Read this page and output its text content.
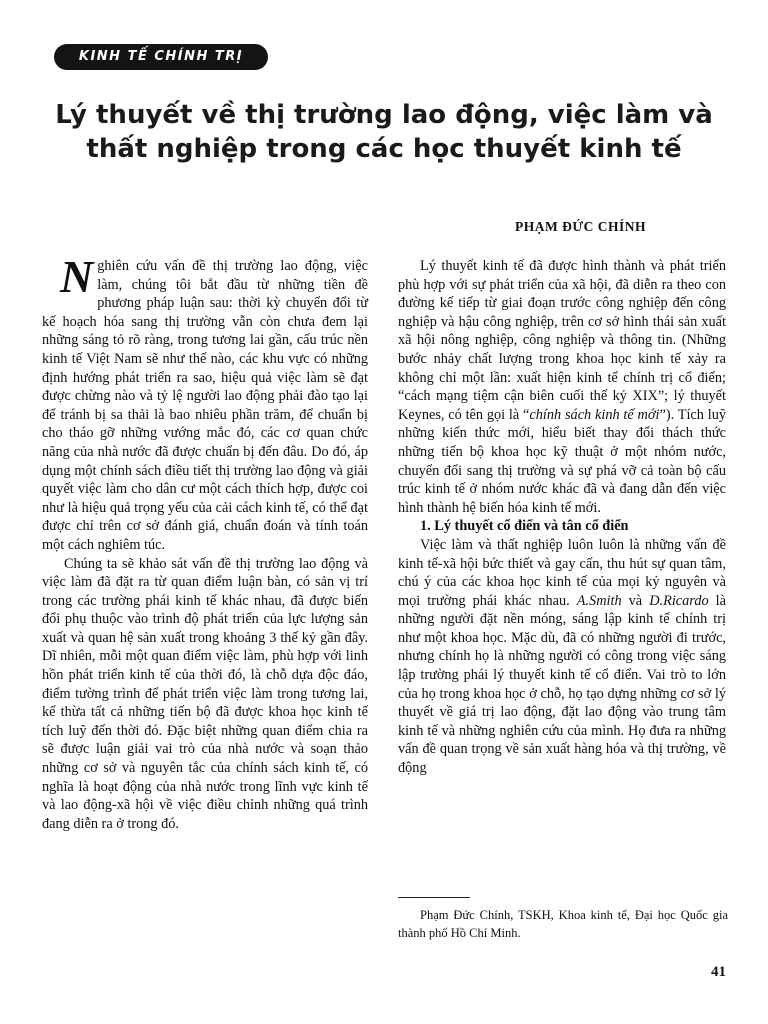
KINH TẾ CHÍNH TRỊ
Lý thuyết về thị trường lao động, việc làm và thất nghiệp trong các học thuyết kinh tế
PHẠM ĐỨC CHÍNH

Nghiên cứu vấn đề thị trường lao động, việc làm, chúng tôi bắt đầu từ những tiền đề phương pháp luận sau: thời kỳ chuyển đổi từ kế hoạch hóa sang thị trường vẫn còn chưa đem lại những sáng tỏ rõ ràng, trong tương lai gần, cấu trúc nền kinh tế Việt Nam sẽ như thế nào, các khu vực có những định hướng phát triển ra sao, hiệu quả việc làm sẽ đạt được chừng nào và tỷ lệ người lao động phải đào tạo lại để tránh bị sa thải là bao nhiêu phần trăm, để chuẩn bị cho tháo gỡ những vướng mắc đó, các cơ quan chức năng của nhà nước đã được chuẩn bị đến đâu. Do đó, áp dụng một chính sách điều tiết thị trường lao động và giải quyết việc làm cho dân cư một cách thích hợp, được coi như là hiệu quả trọng yếu của cải cách kinh tế, có thể đạt được chỉ trên cơ sở đánh giá, chuẩn đoán và tính toán một cách nghiêm túc.

Chúng ta sẽ khảo sát vấn đề thị trường lao động và việc làm đã đặt ra từ quan điểm luận bàn, có sản vị trí trong các trường phái kinh tế khác nhau, đã được biến đổi phụ thuộc vào trình độ phát triển của lực lượng sản xuất và quan hệ sản xuất trong khoảng 3 thế kỷ gần đây. Dĩ nhiên, mỗi một quan điểm việc làm, phù hợp với linh hồn phát triển kinh tế của thời đó, là chỗ dựa độc đáo, điểm tường trình để phát triển việc làm trong tương lai, kế thừa tất cả những tiến bộ đã được khoa học kinh tế tích luỹ đến thời đó. Đặc biệt những quan điểm chia ra sẽ được luận giải vai trò của nhà nước và soạn thảo những cơ sở và nguyên tắc của chính sách kinh tế, có nghĩa là hoạt động của nhà nước trong lĩnh vực kinh tế và lao động-xã hội về việc điều chỉnh những quá trình đang diễn ra ở trong đó.

Lý thuyết kinh tế đã được hình thành và phát triển phù hợp với sự phát triển của xã hội, đã diễn ra theo con đường kế tiếp từ giai đoạn trước công nghiệp đến công nghiệp và hậu công nghiệp, trên cơ sở hình thái sản xuất xã hội nông nghiệp, công nghiệp và thông tin. (Những bước nhảy chất lượng trong khoa học kinh tế xảy ra không chỉ một lần: xuất hiện kinh tế chính trị cổ điển; “cách mạng tiệm cận biên cuối thế kỷ XIX”; lý thuyết Keynes, có tên gọi là “chính sách kinh tế mới”). Tích luỹ những kiến thức mới, hiểu biết thay đổi thách thức những tiến bộ khoa học kỹ thuật ở một nhóm nước, chuyển đổi sang thị trường và sự phá vỡ cả toàn bộ cấu trúc kinh tế ở nhóm nước khác đã và đang dẫn đến việc hình thành hệ biến hóa kinh tế mới.

1. Lý thuyết cổ điển và tân cổ điển

Việc làm và thất nghiệp luôn luôn là những vấn đề kinh tế-xã hội bức thiết và gay cấn, thu hút sự quan tâm, chú ý của các khoa học kinh tế của mọi kỷ nguyên và mọi trường phái khác nhau. A.Smith và D.Ricardo là những người đặt nền móng, sáng lập kinh tế chính trị như một khoa học. Mặc dù, đã có những người đi trước, nhưng chính họ là những người có công trong việc sáng lập trường phái lý thuyết kinh tế cổ điển. Vai trò to lớn của họ trong khoa học ở chỗ, họ tạo dựng những cơ sở lý thuyết về giá trị lao động, đặt lao động vào trung tâm kinh tế và những nghiên cứu của mình. Họ đưa ra những vấn đề quan trọng về sản xuất hàng hóa và thị trường, về động

Phạm Đức Chính, TSKH, Khoa kinh tế, Đại học Quốc gia thành phố Hồ Chí Minh.
41
